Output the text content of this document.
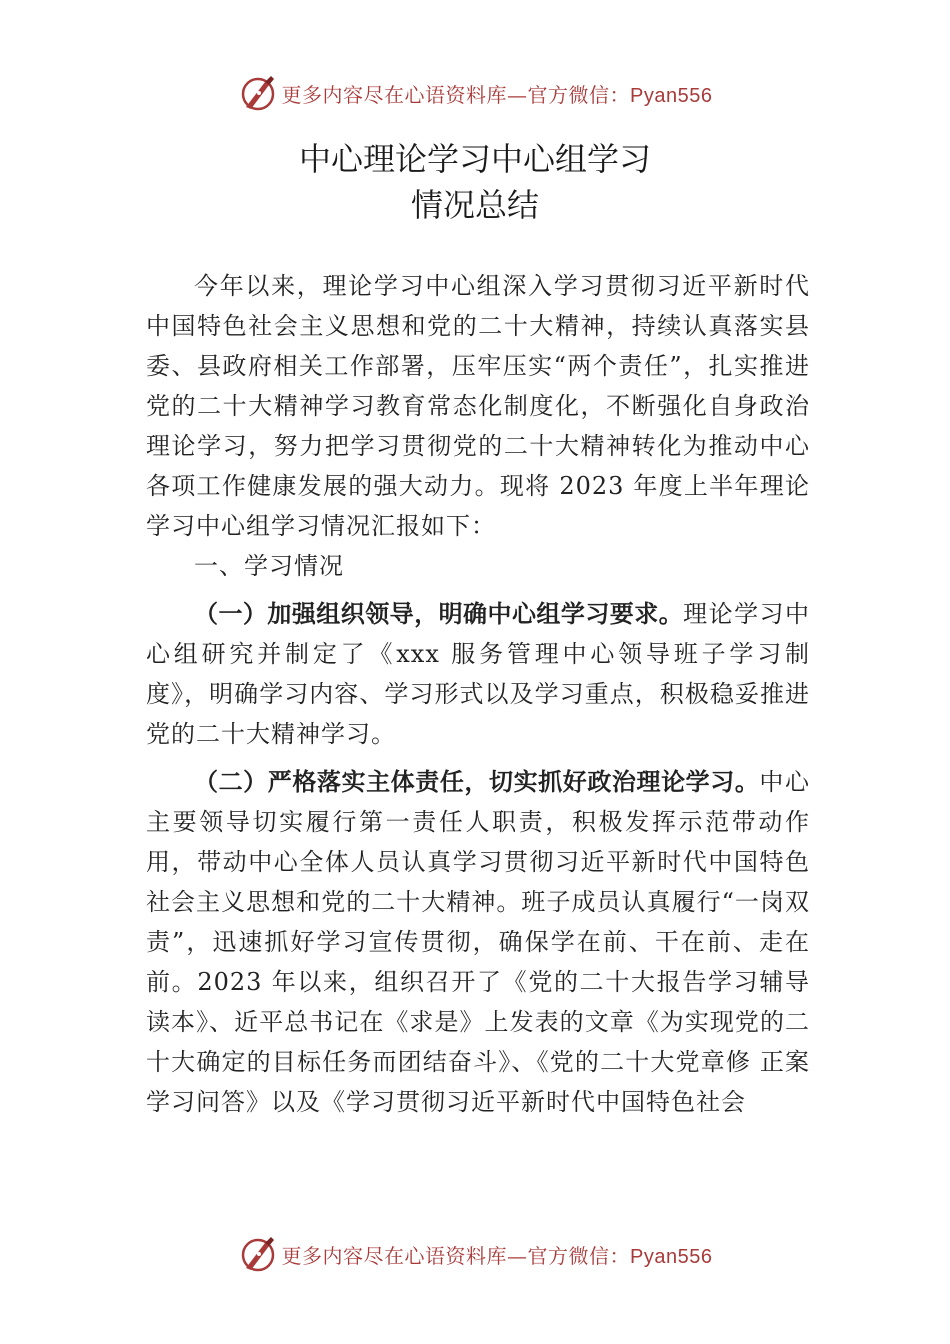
更多内容尽在心语资料库—官方微信：Pyan556
中心理论学习中心组学习
情况总结

今年以来，理论学习中心组深入学习贯彻习近平新时代中国特色社会主义思想和党的二十大精神，持续认真落实县委、县政府相关工作部署，压牢压实“两个责任”，扎实推进党的二十大精神学习教育常态化制度化，不断强化自身政治理论学习，努力把学习贯彻党的二十大精神转化为推动中心各项工作健康发展的强大动力。现将 2023 年度上半年理论学习中心组学习情况汇报如下：

一、学习情况

（一）加强组织领导，明确中心组学习要求。理论学习中心组研究并制定了《xxx 服务管理中心领导班子学习制度》，明确学习内容、学习形式以及学习重点，积极稳妥推进党的二十大精神学习。

（二）严格落实主体责任，切实抓好政治理论学习。中心主要领导切实履行第一责任人职责，积极发挥示范带动作用，带动中心全体人员认真学习贯彻习近平新时代中国特色社会主义思想和党的二十大精神。班子成员认真履行“一岗双责”，迅速抓好学习宣传贯彻，确保学在前、干在前、走在前。2023 年以来，组织召开了《党的二十大报告学习辅导读本》、近平总书记在《求是》上发表的文章《为实现党的二十大确定的目标任务而团结奋斗》、《党的二十大党章修 正案学习问答》以及《学习贯彻习近平新时代中国特色社会

更多内容尽在心语资料库—官方微信：Pyan556
